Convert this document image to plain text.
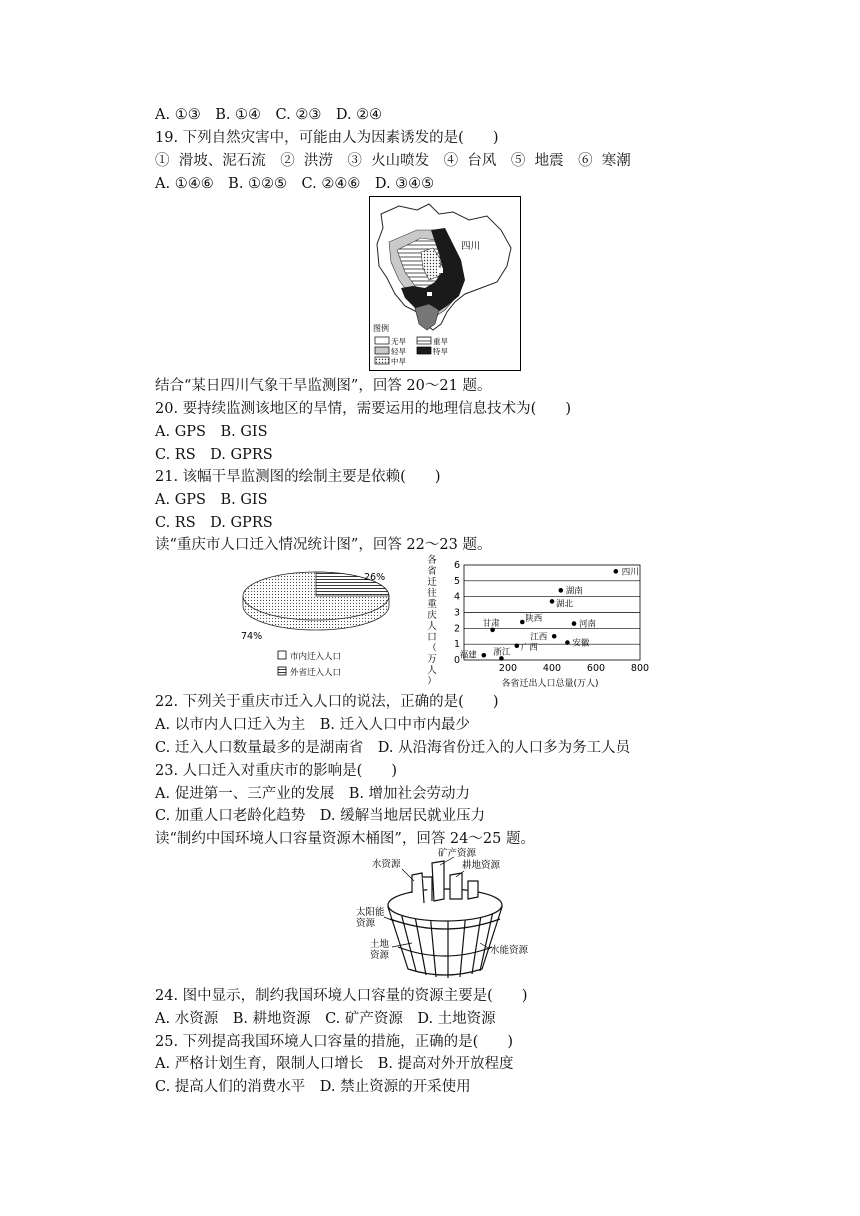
A. ①③　B. ①④　C. ②③　D. ②④
19. 下列自然灾害中，可能由人为因素诱发的是(　　)
①  滑坡、泥石流　②  洪涝　③  火山喷发　④  台风　⑤  地震　⑥  寒潮
A. ①④⑥　B. ①②⑤　C. ②④⑥　D. ③④⑤
结合“某日四川气象干旱监测图”，回答 20～21 题。
20. 要持续监测该地区的旱情，需要运用的地理信息技术为(　　)
A. GPS　B. GIS
C. RS　D. GPRS
21. 该幅干旱监测图的绘制主要是依赖(　　)
A. GPS　B. GIS
C. RS　D. GPRS
读“重庆市人口迁入情况统计图”，回答 22～23 题。
22. 下列关于重庆市迁入人口的说法，正确的是(　　)
A. 以市内人口迁入为主　B. 迁入人口中市内最少
C. 迁入人口数量最多的是湖南省　D. 从沿海省份迁入的人口多为务工人员
23. 人口迁入对重庆市的影响是(　　)
A. 促进第一、三产业的发展　B. 增加社会劳动力
C. 加重人口老龄化趋势　D. 缓解当地居民就业压力
读“制约中国环境人口容量资源木桶图”，回答 24～25 题。
24. 图中显示，制约我国环境人口容量的资源主要是(　　)
A. 水资源　B. 耕地资源　C. 矿产资源　D. 土地资源
25. 下列提高我国环境人口容量的措施，正确的是(　　)
A. 严格计划生育，限制人口增长　B. 提高对外开放程度
C. 提高人们的消费水平　D. 禁止资源的开采使用
四川
图例
无旱	重旱
轻旱	特旱
中旱
26%
74%
市内迁入人口
外省迁入人口
各省迁往重庆人口（万人）
0
1
2
3
4
5
6
200	400	600	800
四川
湖南
湖北
甘肃	陕西
河南
江西
安徽
福建 浙江 广西
各省迁出人口总量(万人)
矿产资源
水资源	耕地资源
太阳能资源
土地资源	水能资源
